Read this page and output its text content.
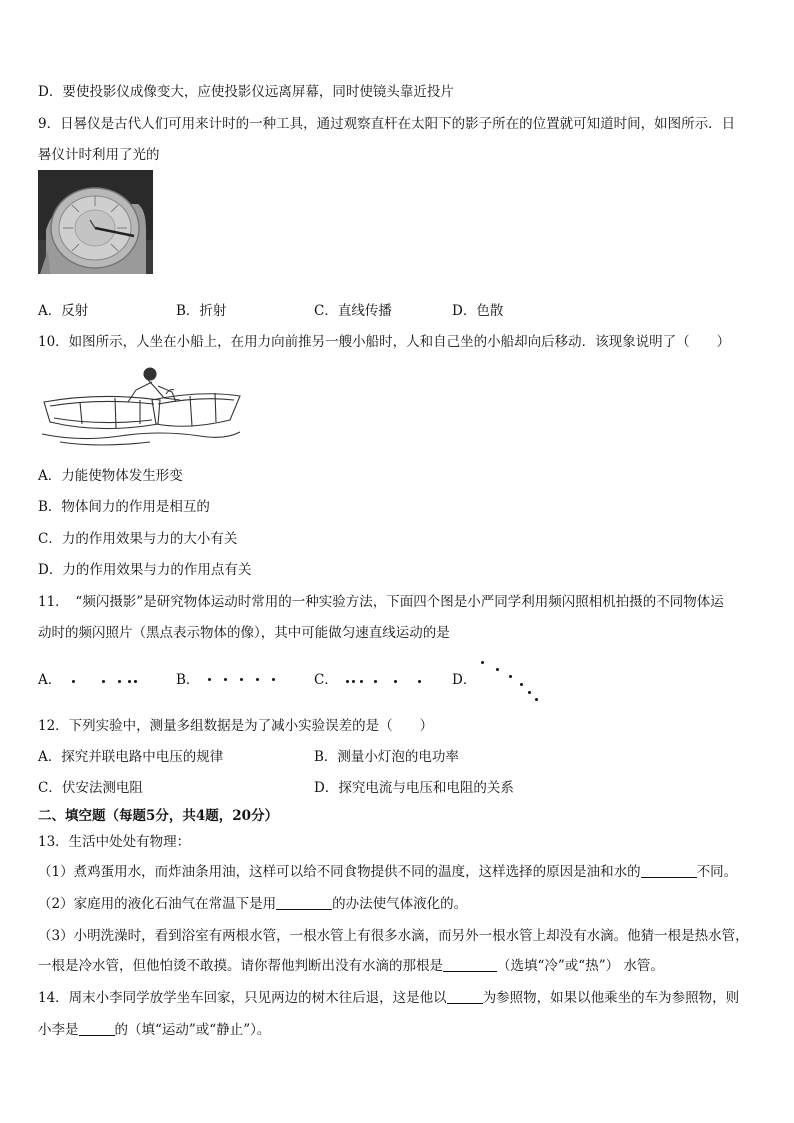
D．要使投影仪成像变大，应使投影仪远离屏幕，同时使镜头靠近投片
9．日晷仪是古代人们可用来计时的一种工具，通过观察直杆在太阳下的影子所在的位置就可知道时间，如图所示．日
晷仪计时利用了光的
A．反射	B．折射	C．直线传播	D．色散
10．如图所示，人坐在小船上，在用力向前推另一艘小船时，人和自己坐的小船却向后移动．该现象说明了（　　）
A．力能使物体发生形变
B．物体间力的作用是相互的
C．力的作用效果与力的大小有关
D．力的作用效果与力的作用点有关
11．　“频闪摄影”是研究物体运动时常用的一种实验方法，下面四个图是小严同学利用频闪照相机拍摄的不同物体运
动时的频闪照片（黑点表示物体的像），其中可能做匀速直线运动的是
A．	B．	C．	D．
12．下列实验中，测量多组数据是为了减小实验误差的是（　　）
A．探究并联电路中电压的规律	B．测量小灯泡的电功率
C．伏安法测电阻	D．探究电流与电压和电阻的关系
二、填空题（每题5分，共4题，20分）
13．生活中处处有物理：
（1）煮鸡蛋用水，而炸油条用油，这样可以给不同食物提供不同的温度，这样选择的原因是油和水的	不同。
（2）家庭用的液化石油气在常温下是用	的办法使气体液化的。
（3）小明洗澡时，看到浴室有两根水管，一根水管上有很多水滴，而另外一根水管上却没有水滴。他猜一根是热水管，
一根是冷水管，但他怕烫不敢摸。请你帮他判断出没有水滴的那根是	（选填“冷”或“热”） 水管。
14．周末小李同学放学坐车回家，只见两边的树木往后退，这是他以	为参照物，如果以他乘坐的车为参照物，则
小李是	的（填“运动”或“静止”）。
